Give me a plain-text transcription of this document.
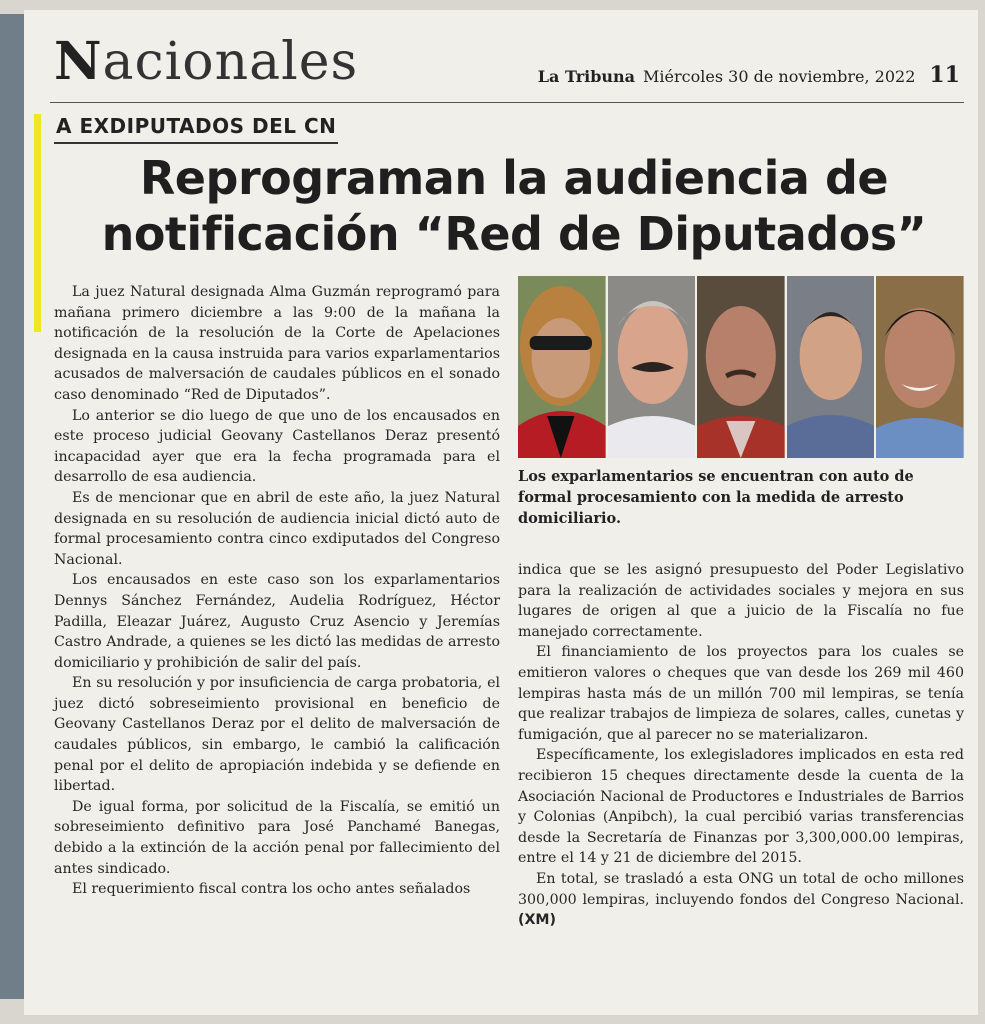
Nacionales	La Tribuna Miércoles 30 de noviembre, 2022 11
A EXDIPUTADOS DEL CN
Reprograman la audiencia de notificación “Red de Diputados”

La juez Natural designada Alma Guzmán reprogramó para mañana primero diciembre a las 9:00 de la mañana la notificación de la resolución de la Corte de Apelaciones designada en la causa instruida para varios exparlamentarios acusados de malversación de caudales públicos en el sonado caso denominado “Red de Diputados”.

Lo anterior se dio luego de que uno de los encausados en este proceso judicial Geovany Castellanos Deraz presentó incapacidad ayer que era la fecha programada para el desarrollo de esa audiencia.

Es de mencionar que en abril de este año, la juez Natural designada en su resolución de audiencia inicial dictó auto de formal procesamiento contra cinco exdiputados del Congreso Nacional.

Los encausados en este caso son los exparlamentarios Dennys Sánchez Fernández, Audelia Rodríguez, Héctor Padilla, Eleazar Juárez, Augusto Cruz Asencio y Jeremías Castro Andrade, a quienes se les dictó las medidas de arresto domiciliario y prohibición de salir del país.

En su resolución y por insuficiencia de carga probatoria, el juez dictó sobreseimiento provisional en beneficio de Geovany Castellanos Deraz por el delito de malversación de caudales públicos, sin embargo, le cambió la calificación penal por el delito de apropiación indebida y se defiende en libertad.

De igual forma, por solicitud de la Fiscalía, se emitió un sobreseimiento definitivo para José Panchamé Banegas, debido a la extinción de la acción penal por fallecimiento del antes sindicado.

El requerimiento fiscal contra los ocho antes señalados

Los exparlamentarios se encuentran con auto de formal procesamiento con la medida de arresto domiciliario.

indica que se les asignó presupuesto del Poder Legislativo para la realización de actividades sociales y mejora en sus lugares de origen al que a juicio de la Fiscalía no fue manejado correctamente.

El financiamiento de los proyectos para los cuales se emitieron valores o cheques que van desde los 269 mil 460 lempiras hasta más de un millón 700 mil lempiras, se tenía que realizar trabajos de limpieza de solares, calles, cunetas y fumigación, que al parecer no se materializaron.

Específicamente, los exlegisladores implicados en esta red recibieron 15 cheques directamente desde la cuenta de la Asociación Nacional de Productores e Industriales de Barrios y Colonias (Anpibch), la cual percibió varias transferencias desde la Secretaría de Finanzas por 3,300,000.00 lempiras, entre el 14 y 21 de diciembre del 2015.

En total, se trasladó a esta ONG un total de ocho millones 300,000 lempiras, incluyendo fondos del Congreso Nacional. (XM)
